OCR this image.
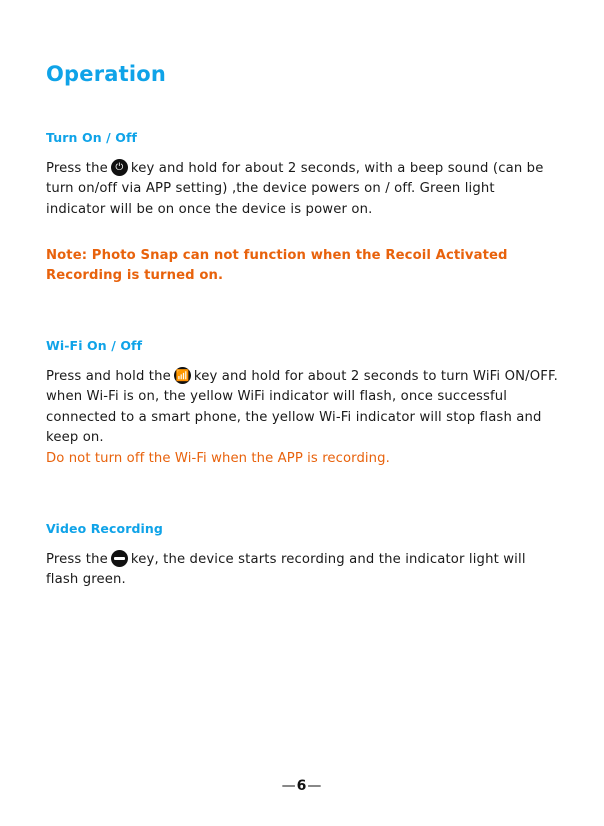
Operation
Turn On / Off

Press the ⏻ key and hold for about 2 seconds, with a beep sound (can be turn on/off via APP setting) ,the device powers on / off. Green light indicator will be on once the device is power on.

Note: Photo Snap can not function when the Recoil Activated Recording is turned on.

Wi-Fi On / Off

Press and hold the 📶 key and hold for about 2 seconds to turn WiFi ON/OFF. when Wi-Fi is on, the yellow WiFi indicator will flash, once successful connected to a smart phone, the yellow Wi-Fi indicator will stop flash and keep on.

Do not turn off the Wi-Fi when the APP is recording.

Video Recording

Press the key, the device starts recording and the indicator light will flash green.

—6—
